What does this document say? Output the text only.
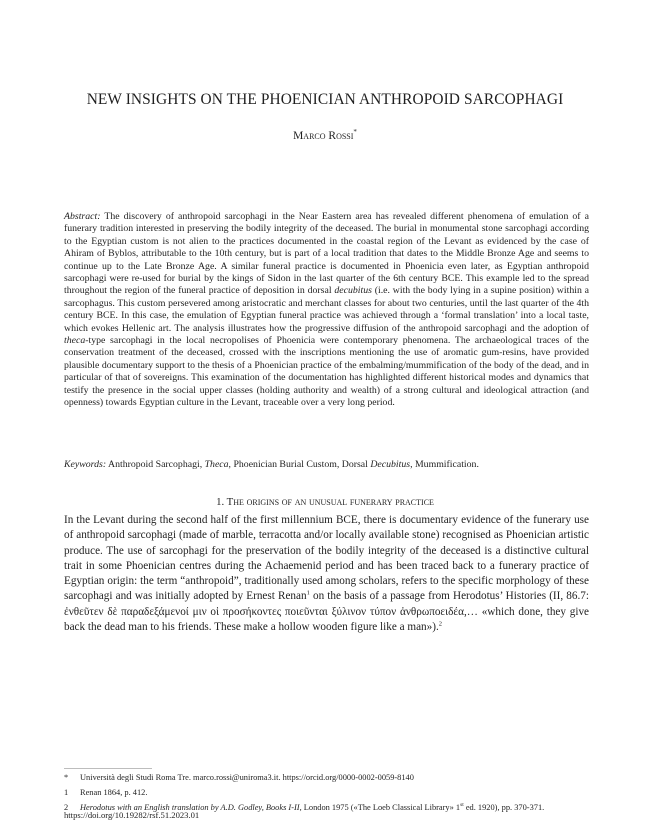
NEW INSIGHTS ON THE PHOENICIAN ANTHROPOID SARCOPHAGI
Marco Rossi*

Abstract: The discovery of anthropoid sarcophagi in the Near Eastern area has revealed different phenomena of emulation of a funerary tradition interested in preserving the bodily integrity of the deceased. The burial in monumental stone sarcophagi according to the Egyptian custom is not alien to the practices documented in the coastal region of the Levant as evidenced by the case of Ahiram of Byblos, attributable to the 10th century, but is part of a local tradition that dates to the Middle Bronze Age and seems to continue up to the Late Bronze Age. A similar funeral practice is documented in Phoenicia even later, as Egyptian anthropoid sarcophagi were re-used for burial by the kings of Sidon in the last quarter of the 6th century BCE. This example led to the spread throughout the region of the funeral practice of deposition in dorsal decubitus (i.e. with the body lying in a supine position) within a sarcophagus. This custom persevered among aristocratic and merchant classes for about two centuries, until the last quarter of the 4th century BCE. In this case, the emulation of Egyptian funeral practice was achieved through a ‘formal translation’ into a local taste, which evokes Hellenic art. The analysis illustrates how the progressive diffusion of the anthropoid sarcophagi and the adoption of theca-type sarcophagi in the local necropolises of Phoenicia were contemporary phenomena. The archaeological traces of the conservation treatment of the deceased, crossed with the inscriptions mentioning the use of aromatic gum-resins, have provided plausible documentary support to the thesis of a Phoenician practice of the embalming/mummification of the body of the dead, and in particular of that of sovereigns. This examination of the documentation has highlighted different historical modes and dynamics that testify the presence in the social upper classes (holding authority and wealth) of a strong cultural and ideological attraction (and openness) towards Egyptian culture in the Levant, traceable over a very long period.

Keywords: Anthropoid Sarcophagi, Theca, Phoenician Burial Custom, Dorsal Decubitus, Mummification.

1. The origins of an unusual funerary practice

In the Levant during the second half of the first millennium BCE, there is documentary evidence of the funerary use of anthropoid sarcophagi (made of marble, terracotta and/or locally available stone) recognised as Phoenician artistic produce. The use of sarcophagi for the preservation of the bodily integrity of the deceased is a distinctive cultural trait in some Phoenician centres during the Achaemenid period and has been traced back to a funerary practice of Egyptian origin: the term “anthropoid”, traditionally used among scholars, refers to the specific morphology of these sarcophagi and was initially adopted by Ernest Renan$^1$ on the basis of a passage from Herodotus’ Histories (II, 86.7: ἐνθεῦτεν δὲ παραδεξάμενοί μιν οἱ προσήκοντες ποιεῦνται ξύλινον τύπον ἀνθρωποειδέα,… «which done, they give back the dead man to his friends. These make a hollow wooden figure like a man»).$^2$

*	Università degli Studi Roma Tre. marco.rossi@uniroma3.it. https://orcid.org/0000-0002-0059-8140
1	Renan 1864, p. 412.
2	Herodotus with an English translation by A.D. Godley, Books I-II, London 1975 («The Loeb Classical Library» 1st ed. 1920), pp. 370-371.
https://doi.org/10.19282/rsf.51.2023.01
